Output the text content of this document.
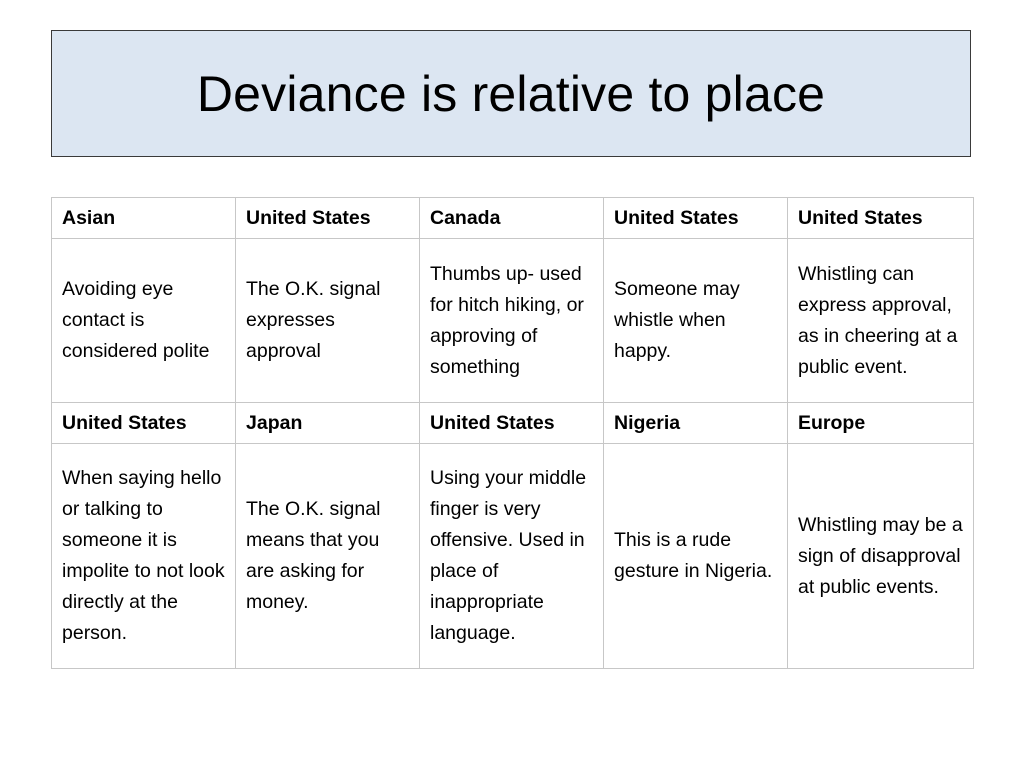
Deviance is relative to place
Asian	United States	Canada	United States	United States
Avoiding eye contact is considered polite	The O.K. signal expresses approval	Thumbs up- used for hitch hiking, or approving of something	Someone may whistle when happy.	Whistling can express approval, as in cheering at a public event.
United States	Japan	United States	Nigeria	Europe
When saying hello or talking to someone it is impolite to not look directly at the person.	The O.K. signal means that you are asking for money.	Using your middle finger is very offensive. Used in place of inappropriate language.	This is a rude gesture in Nigeria.	Whistling may be a sign of disapproval at public events.
